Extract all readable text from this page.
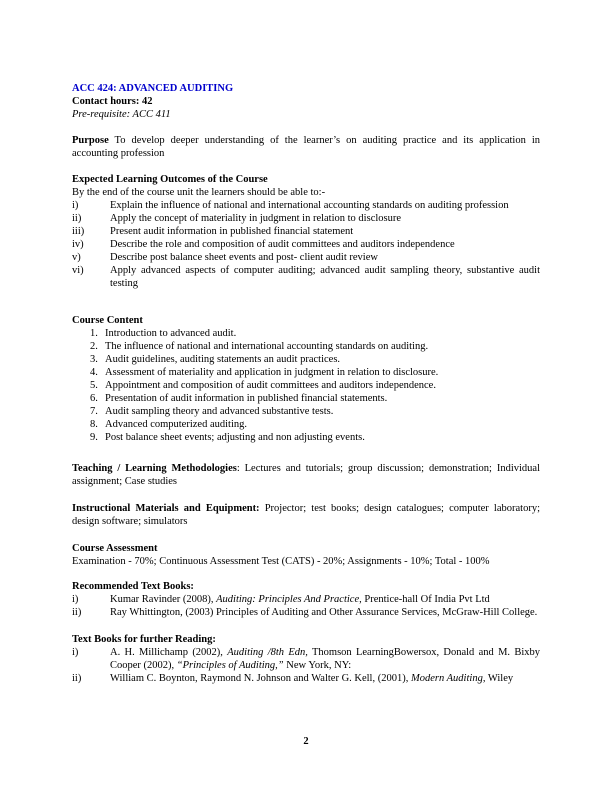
ACC 424: ADVANCED AUDITING
Contact hours: 42
Pre-requisite: ACC 411

Purpose To develop deeper understanding of the learner’s on auditing practice and its application in accounting profession

Expected Learning Outcomes of the Course
By the end of the course unit the learners should be able to:-
i)	Explain the influence of national and international accounting standards on auditing profession
ii)	Apply the concept of materiality in judgment in relation to disclosure
iii)	Present audit information in published financial statement
iv)	Describe the role and composition of audit committees and auditors independence
v)	Describe post balance sheet events and post- client audit review
vi)	Apply advanced aspects of computer auditing; advanced audit sampling theory, substantive audit testing
Course Content
1. Introduction to advanced audit.
2. The influence of national and international accounting standards on auditing.
3. Audit guidelines, auditing statements an audit practices.
4. Assessment of materiality and application in judgment in relation to disclosure.
5. Appointment and composition of audit committees and auditors independence.
6. Presentation of audit information in published financial statements.
7. Audit sampling theory and advanced substantive tests.
8. Advanced computerized auditing.
9. Post balance sheet events; adjusting and non adjusting events.

Teaching / Learning Methodologies: Lectures and tutorials; group discussion; demonstration; Individual assignment; Case studies

Instructional Materials and Equipment: Projector; test books; design catalogues; computer laboratory; design software; simulators

Course Assessment
Examination - 70%; Continuous Assessment Test (CATS) - 20%; Assignments - 10%; Total - 100%
Recommended Text Books:
i)	Kumar Ravinder (2008), Auditing: Principles And Practice, Prentice-hall Of India Pvt Ltd
ii)	Ray Whittington, (2003) Principles of Auditing and Other Assurance Services, McGraw-Hill College.
Text Books for further Reading:
i)	A. H. Millichamp (2002), Auditing /8th Edn, Thomson LearningBowersox, Donald and M. Bixby Cooper (2002), “Principles of Auditing,” New York, NY:
ii)	William C. Boynton, Raymond N. Johnson and Walter G. Kell, (2001), Modern Auditing, Wiley
2
